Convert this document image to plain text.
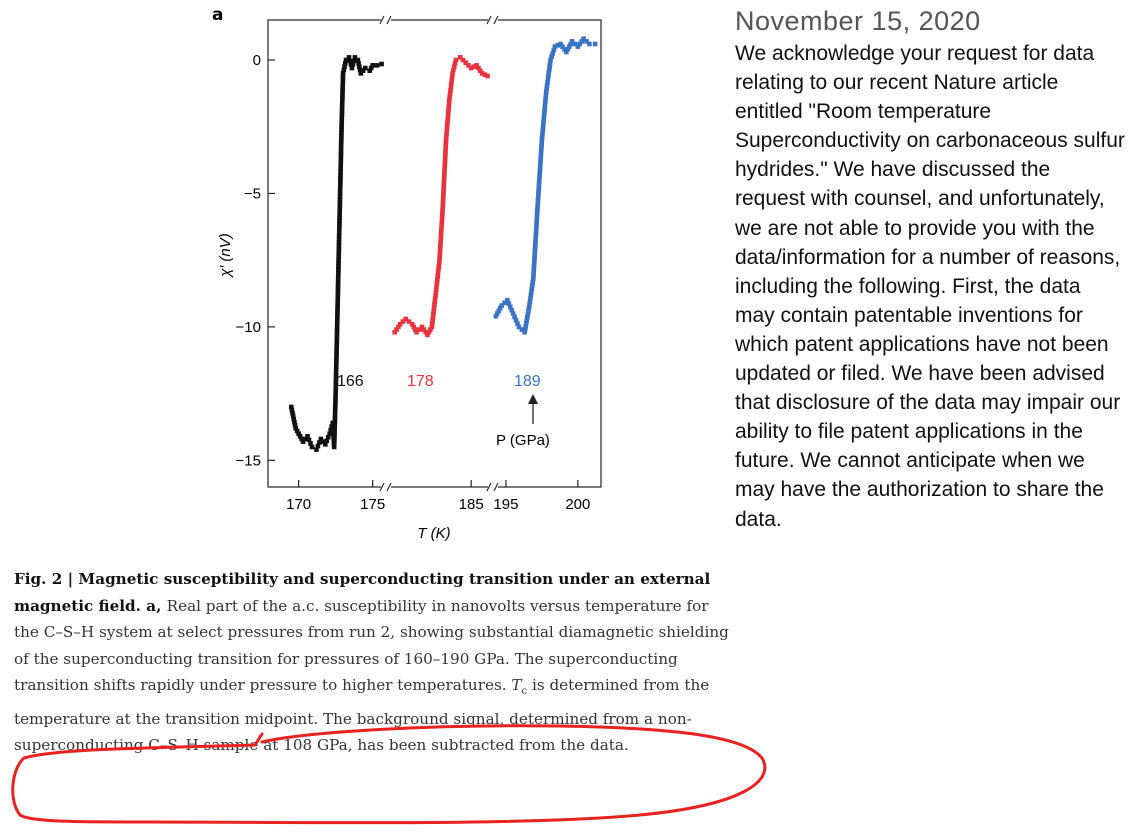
a
0
−5
−10
−15
170	175	185 195	200
χ′ (nV)
T (K)
166	178	189
P (GPa)
Fig. 2 | Magnetic susceptibility and superconducting transition under an external magnetic field. a, Real part of the a.c. susceptibility in nanovolts versus temperature for the C–S–H system at select pressures from run 2, showing substantial diamagnetic shielding of the superconducting transition for pressures of 160–190 GPa. The superconducting transition shifts rapidly under pressure to higher temperatures. $T_c$ is determined from the temperature at the transition midpoint. The background signal, determined from a non-superconducting C–S–H sample at 108 GPa, has been subtracted from the data.
November 15, 2020
We acknowledge your request for data relating to our recent Nature article entitled "Room temperature Superconductivity on carbonaceous sulfur hydrides." We have discussed the request with counsel, and unfortunately, we are not able to provide you with the data/information for a number of reasons, including the following. First, the data may contain patentable inventions for which patent applications have not been updated or filed. We have been advised that disclosure of the data may impair our ability to file patent applications in the future. We cannot anticipate when we may have the authorization to share the data.
